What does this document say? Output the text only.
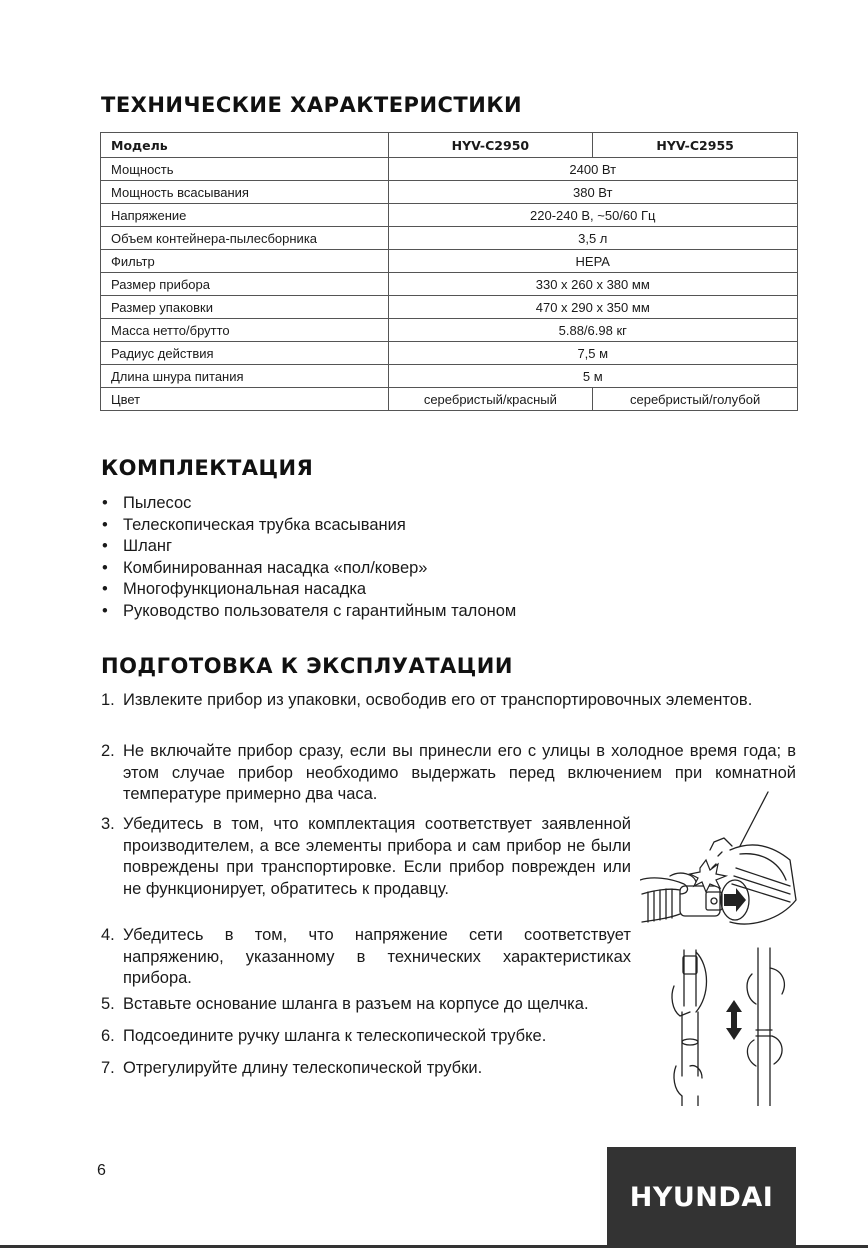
ТЕХНИЧЕСКИЕ ХАРАКТЕРИСТИКИ
Модель	HYV-C2950	HYV-C2955
Мощность	2400 Вт	
Мощность всасывания	380 Вт	
Напряжение	220-240 В, ~50/60 Гц	
Объем контейнера-пылесборника	3,5 л	
Фильтр	HEPA	
Размер прибора	330 х 260 х 380 мм	
Размер упаковки	470 х 290 х 350 мм	
Масса нетто/брутто	5.88/6.98 кг	
Радиус действия	7,5 м	
Длина шнура питания	5 м	
Цвет	серебристый/красный	серебристый/голубой
КОМПЛЕКТАЦИЯ
• Пылесос
• Телескопическая трубка всасывания
• Шланг
• Комбинированная насадка «пол/ковер»
• Многофункциональная насадка
• Руководство пользователя с гарантийным талоном
ПОДГОТОВКА К ЭКСПЛУАТАЦИИ
1. Извлеките прибор из упаковки, освободив его от транспортировочных элементов.
2. Не включайте прибор сразу, если вы принесли его с улицы в холодное время года; в этом случае прибор необходимо выдержать перед включением при комнатной температуре примерно два часа.
3. Убедитесь в том, что комплектация соответствует заявленной производителем, а все элементы прибора и сам прибор не были повреждены при транспортировке. Если прибор поврежден или не функционирует, обратитесь к продавцу.
4. Убедитесь в том, что напряжение сети соответствует напряжению, указанному в технических характеристиках прибора.
5. Вставьте основание шланга в разъем на корпусе до щелчка.
6. Подсоедините ручку шланга к телескопической трубке.
7. Отрегулируйте длину телескопической трубки.
6
HYUNDAI
